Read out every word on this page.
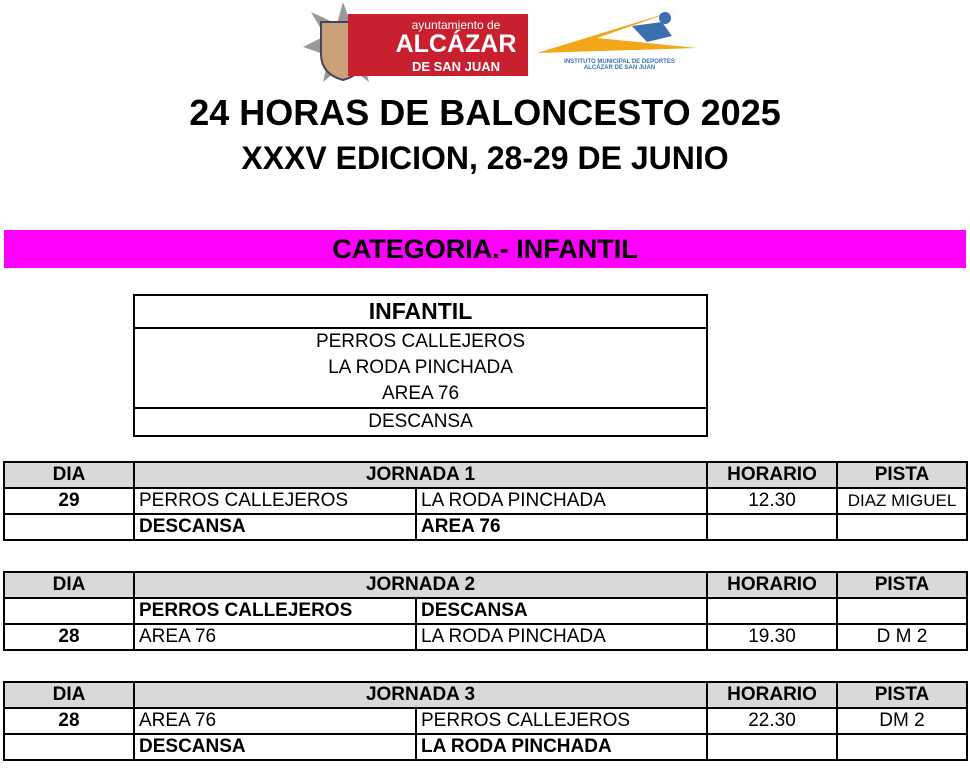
ayuntamiento de
ALCÁZAR
DE SAN JUAN	INSTITUTO MUNICIPAL DE DEPORTES
ALCÁZAR DE SAN JUAN
24 HORAS DE BALONCESTO 2025
XXXV EDICION, 28-29 DE JUNIO
CATEGORIA.- INFANTIL
INFANTIL
PERROS CALLEJEROS
LA RODA PINCHADA
AREA 76
DESCANSA
DIA	JORNADA 1		HORARIO	PISTA
29	PERROS CALLEJEROS	LA RODA PINCHADA	12.30	DIAZ MIGUEL
	DESCANSA	AREA 76		
DIA	JORNADA 2		HORARIO	PISTA
	PERROS CALLEJEROS	DESCANSA		
28	AREA 76	LA RODA PINCHADA	19.30	D M 2
DIA	JORNADA 3		HORARIO	PISTA
28	AREA 76	PERROS CALLEJEROS	22.30	DM 2
	DESCANSA	LA RODA PINCHADA		
